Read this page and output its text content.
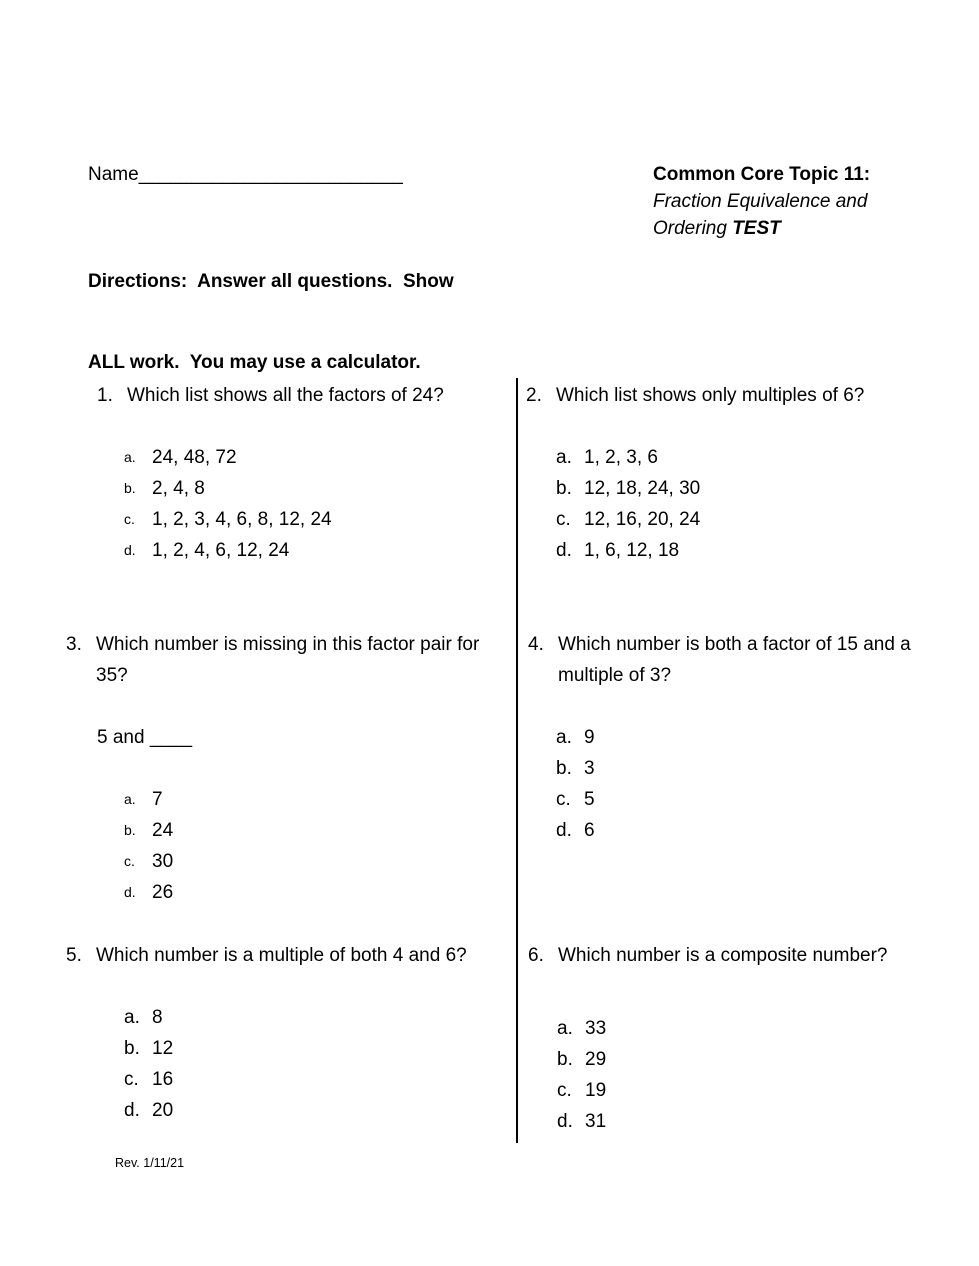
Name_________________________

Directions:  Answer all questions.  Show

ALL work.  You may use a calculator.

Common Core Topic 11:
Fraction Equivalence and
Ordering TEST
1. Which list shows all the factors of 24?
a. 24, 48, 72
b. 2, 4, 8
c. 1, 2, 3, 4, 6, 8, 12, 24
d. 1, 2, 4, 6, 12, 24
2. Which list shows only multiples of 6?
a. 1, 2, 3, 6
b. 12, 18, 24, 30
c. 12, 16, 20, 24
d. 1, 6, 12, 18
3. Which number is missing in this factor pair for 35?
5 and ____
a. 7
b. 24
c. 30
d. 26
4. Which number is both a factor of 15 and a multiple of 3?
a. 9
b. 3
c. 5
d. 6
5. Which number is a multiple of both 4 and 6?
a. 8
b. 12
c. 16
d. 20
6. Which number is a composite number?
a. 33
b. 29
c. 19
d. 31
Rev. 1/11/21
